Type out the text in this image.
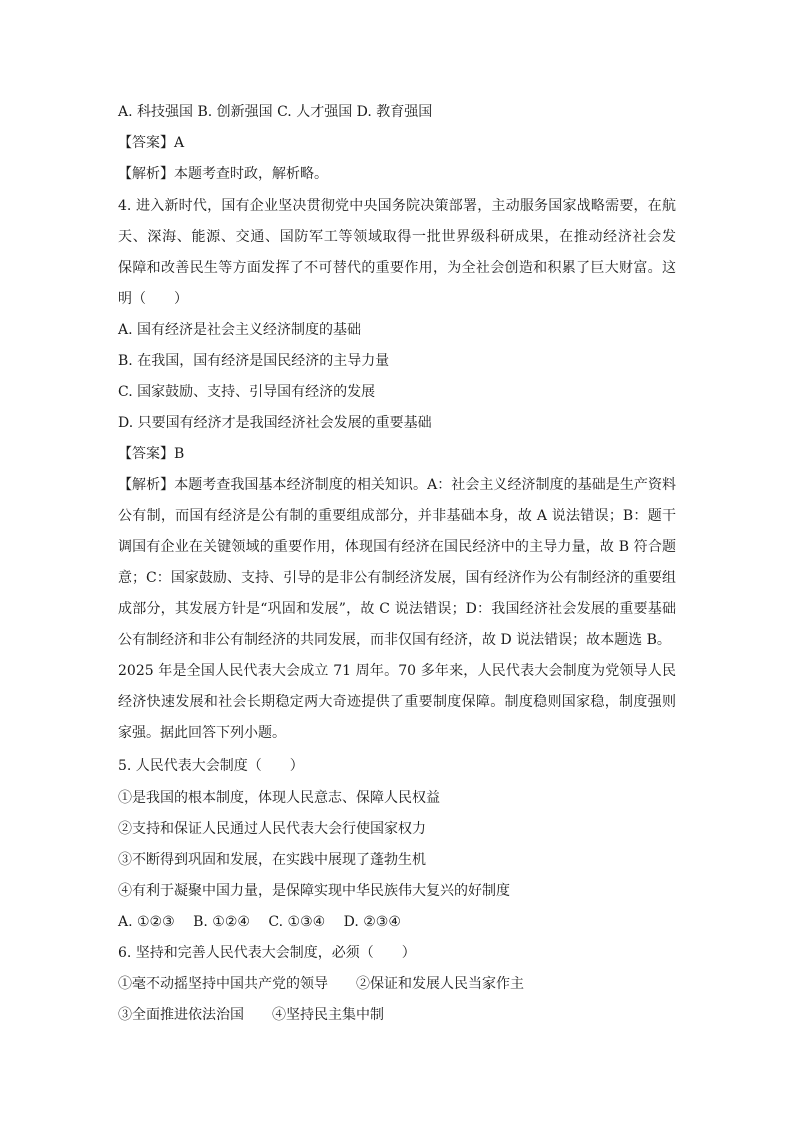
A. 科技强国 B. 创新强国 C. 人才强国 D. 教育强国
【答案】A
【解析】本题考查时政，解析略。
4. 进入新时代，国有企业坚决贯彻党中央国务院决策部署，主动服务国家战略需要，在航
天、深海、能源、交通、国防军工等领域取得一批世界级科研成果，在推动经济社会发
保障和改善民生等方面发挥了不可替代的重要作用，为全社会创造和积累了巨大财富。这
明（　　）
A. 国有经济是社会主义经济制度的基础
B. 在我国，国有经济是国民经济的主导力量
C. 国家鼓励、支持、引导国有经济的发展
D. 只要国有经济才是我国经济社会发展的重要基础
【答案】B
【解析】本题考查我国基本经济制度的相关知识。A：社会主义经济制度的基础是生产资料
公有制，而国有经济是公有制的重要组成部分，并非基础本身，故 A 说法错误；B：题干
调国有企业在关键领域的重要作用，体现国有经济在国民经济中的主导力量，故 B 符合题
意；C：国家鼓励、支持、引导的是非公有制经济发展，国有经济作为公有制经济的重要组
成部分，其发展方针是“巩固和发展”，故 C 说法错误；D：我国经济社会发展的重要基础
公有制经济和非公有制经济的共同发展，而非仅国有经济，故 D 说法错误；故本题选 B。
2025 年是全国人民代表大会成立 71 周年。70 多年来，人民代表大会制度为党领导人民
经济快速发展和社会长期稳定两大奇迹提供了重要制度保障。制度稳则国家稳，制度强则
家强。据此回答下列小题。
5. 人民代表大会制度（　　）
①是我国的根本制度，体现人民意志、保障人民权益
②支持和保证人民通过人民代表大会行使国家权力
③不断得到巩固和发展，在实践中展现了蓬勃生机
④有利于凝聚中国力量，是保障实现中华民族伟大复兴的好制度
A. ①②③　 B. ①②④　 C. ①③④　 D. ②③④
6. 坚持和完善人民代表大会制度，必须（　　）
①毫不动摇坚持中国共产党的领导　　②保证和发展人民当家作主
③全面推进依法治国　　④坚持民主集中制
